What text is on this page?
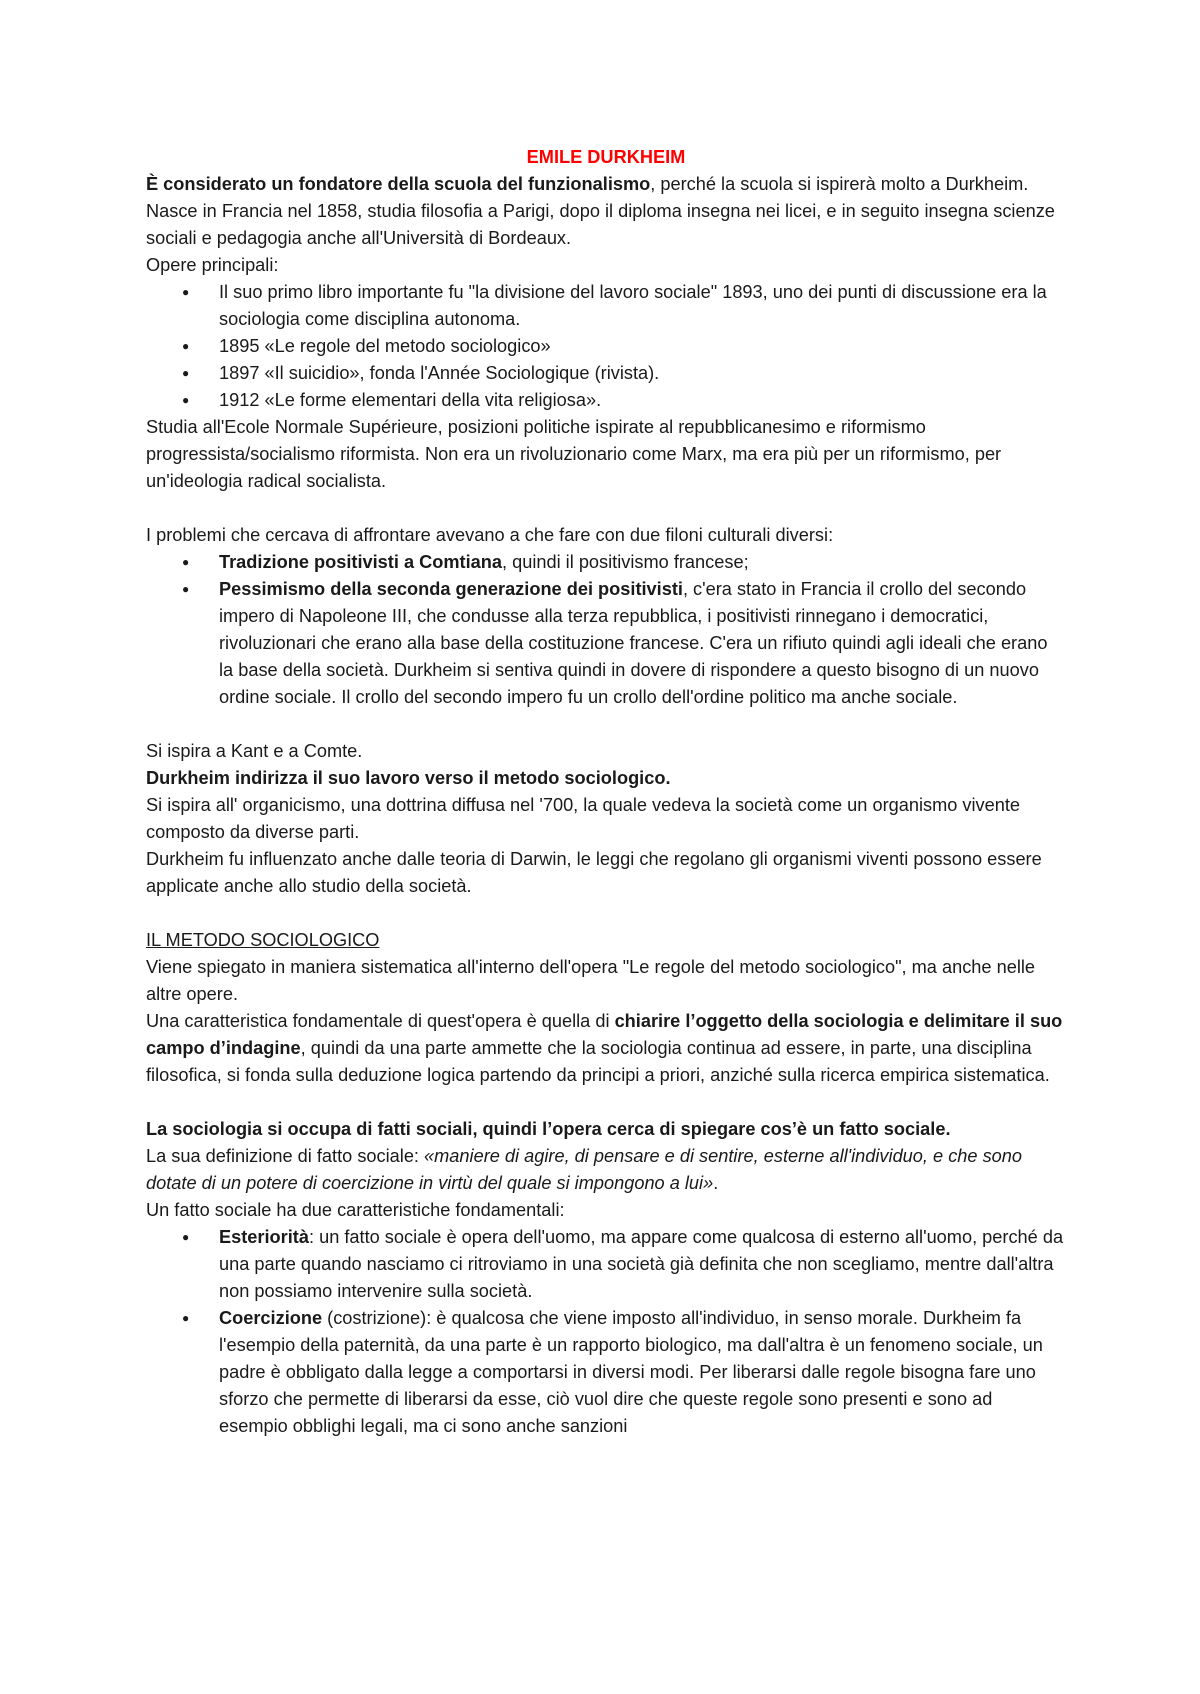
EMILE DURKHEIM

È considerato un fondatore della scuola del funzionalismo, perché la scuola si ispirerà molto a Durkheim.

Nasce in Francia nel 1858, studia filosofia a Parigi, dopo il diploma insegna nei licei, e in seguito insegna scienze sociali e pedagogia anche all'Università di Bordeaux.

Opere principali:

● Il suo primo libro importante fu "la divisione del lavoro sociale" 1893, uno dei punti di discussione era la sociologia come disciplina autonoma.
● 1895 «Le regole del metodo sociologico»
● 1897 «Il suicidio», fonda l'Année Sociologique (rivista).
● 1912 «Le forme elementari della vita religiosa».

Studia all'Ecole Normale Supérieure, posizioni politiche ispirate al repubblicanesimo e riformismo progressista/socialismo riformista. Non era un rivoluzionario come Marx, ma era più per un riformismo, per un'ideologia radical socialista.

I problemi che cercava di affrontare avevano a che fare con due filoni culturali diversi:

● Tradizione positivisti a Comtiana, quindi il positivismo francese;
● Pessimismo della seconda generazione dei positivisti, c'era stato in Francia il crollo del secondo impero di Napoleone III, che condusse alla terza repubblica, i positivisti rinnegano i democratici, rivoluzionari che erano alla base della costituzione francese. C'era un rifiuto quindi agli ideali che erano la base della società. Durkheim si sentiva quindi in dovere di rispondere a questo bisogno di un nuovo ordine sociale. Il crollo del secondo impero fu un crollo dell'ordine politico ma anche sociale.

Si ispira a Kant e a Comte.

Durkheim indirizza il suo lavoro verso il metodo sociologico.

Si ispira all' organicismo, una dottrina diffusa nel '700, la quale vedeva la società come un organismo vivente composto da diverse parti.

Durkheim fu influenzato anche dalle teoria di Darwin, le leggi che regolano gli organismi viventi possono essere applicate anche allo studio della società.

IL METODO SOCIOLOGICO

Viene spiegato in maniera sistematica all'interno dell'opera "Le regole del metodo sociologico", ma anche nelle altre opere.

Una caratteristica fondamentale di quest'opera è quella di chiarire l’oggetto della sociologia e delimitare il suo campo d’indagine, quindi da una parte ammette che la sociologia continua ad essere, in parte, una disciplina filosofica, si fonda sulla deduzione logica partendo da principi a priori, anziché sulla ricerca empirica sistematica.

La sociologia si occupa di fatti sociali, quindi l’opera cerca di spiegare cos’è un fatto sociale.

La sua definizione di fatto sociale: «maniere di agire, di pensare e di sentire, esterne all'individuo, e che sono dotate di un potere di coercizione in virtù del quale si impongono a lui».

Un fatto sociale ha due caratteristiche fondamentali:

● Esteriorità: un fatto sociale è opera dell'uomo, ma appare come qualcosa di esterno all'uomo, perché da una parte quando nasciamo ci ritroviamo in una società già definita che non scegliamo, mentre dall'altra non possiamo intervenire sulla società.
● Coercizione (costrizione): è qualcosa che viene imposto all'individuo, in senso morale. Durkheim fa l'esempio della paternità, da una parte è un rapporto biologico, ma dall'altra è un fenomeno sociale, un padre è obbligato dalla legge a comportarsi in diversi modi. Per liberarsi dalle regole bisogna fare uno sforzo che permette di liberarsi da esse, ciò vuol dire che queste regole sono presenti e sono ad esempio obblighi legali, ma ci sono anche sanzioni
